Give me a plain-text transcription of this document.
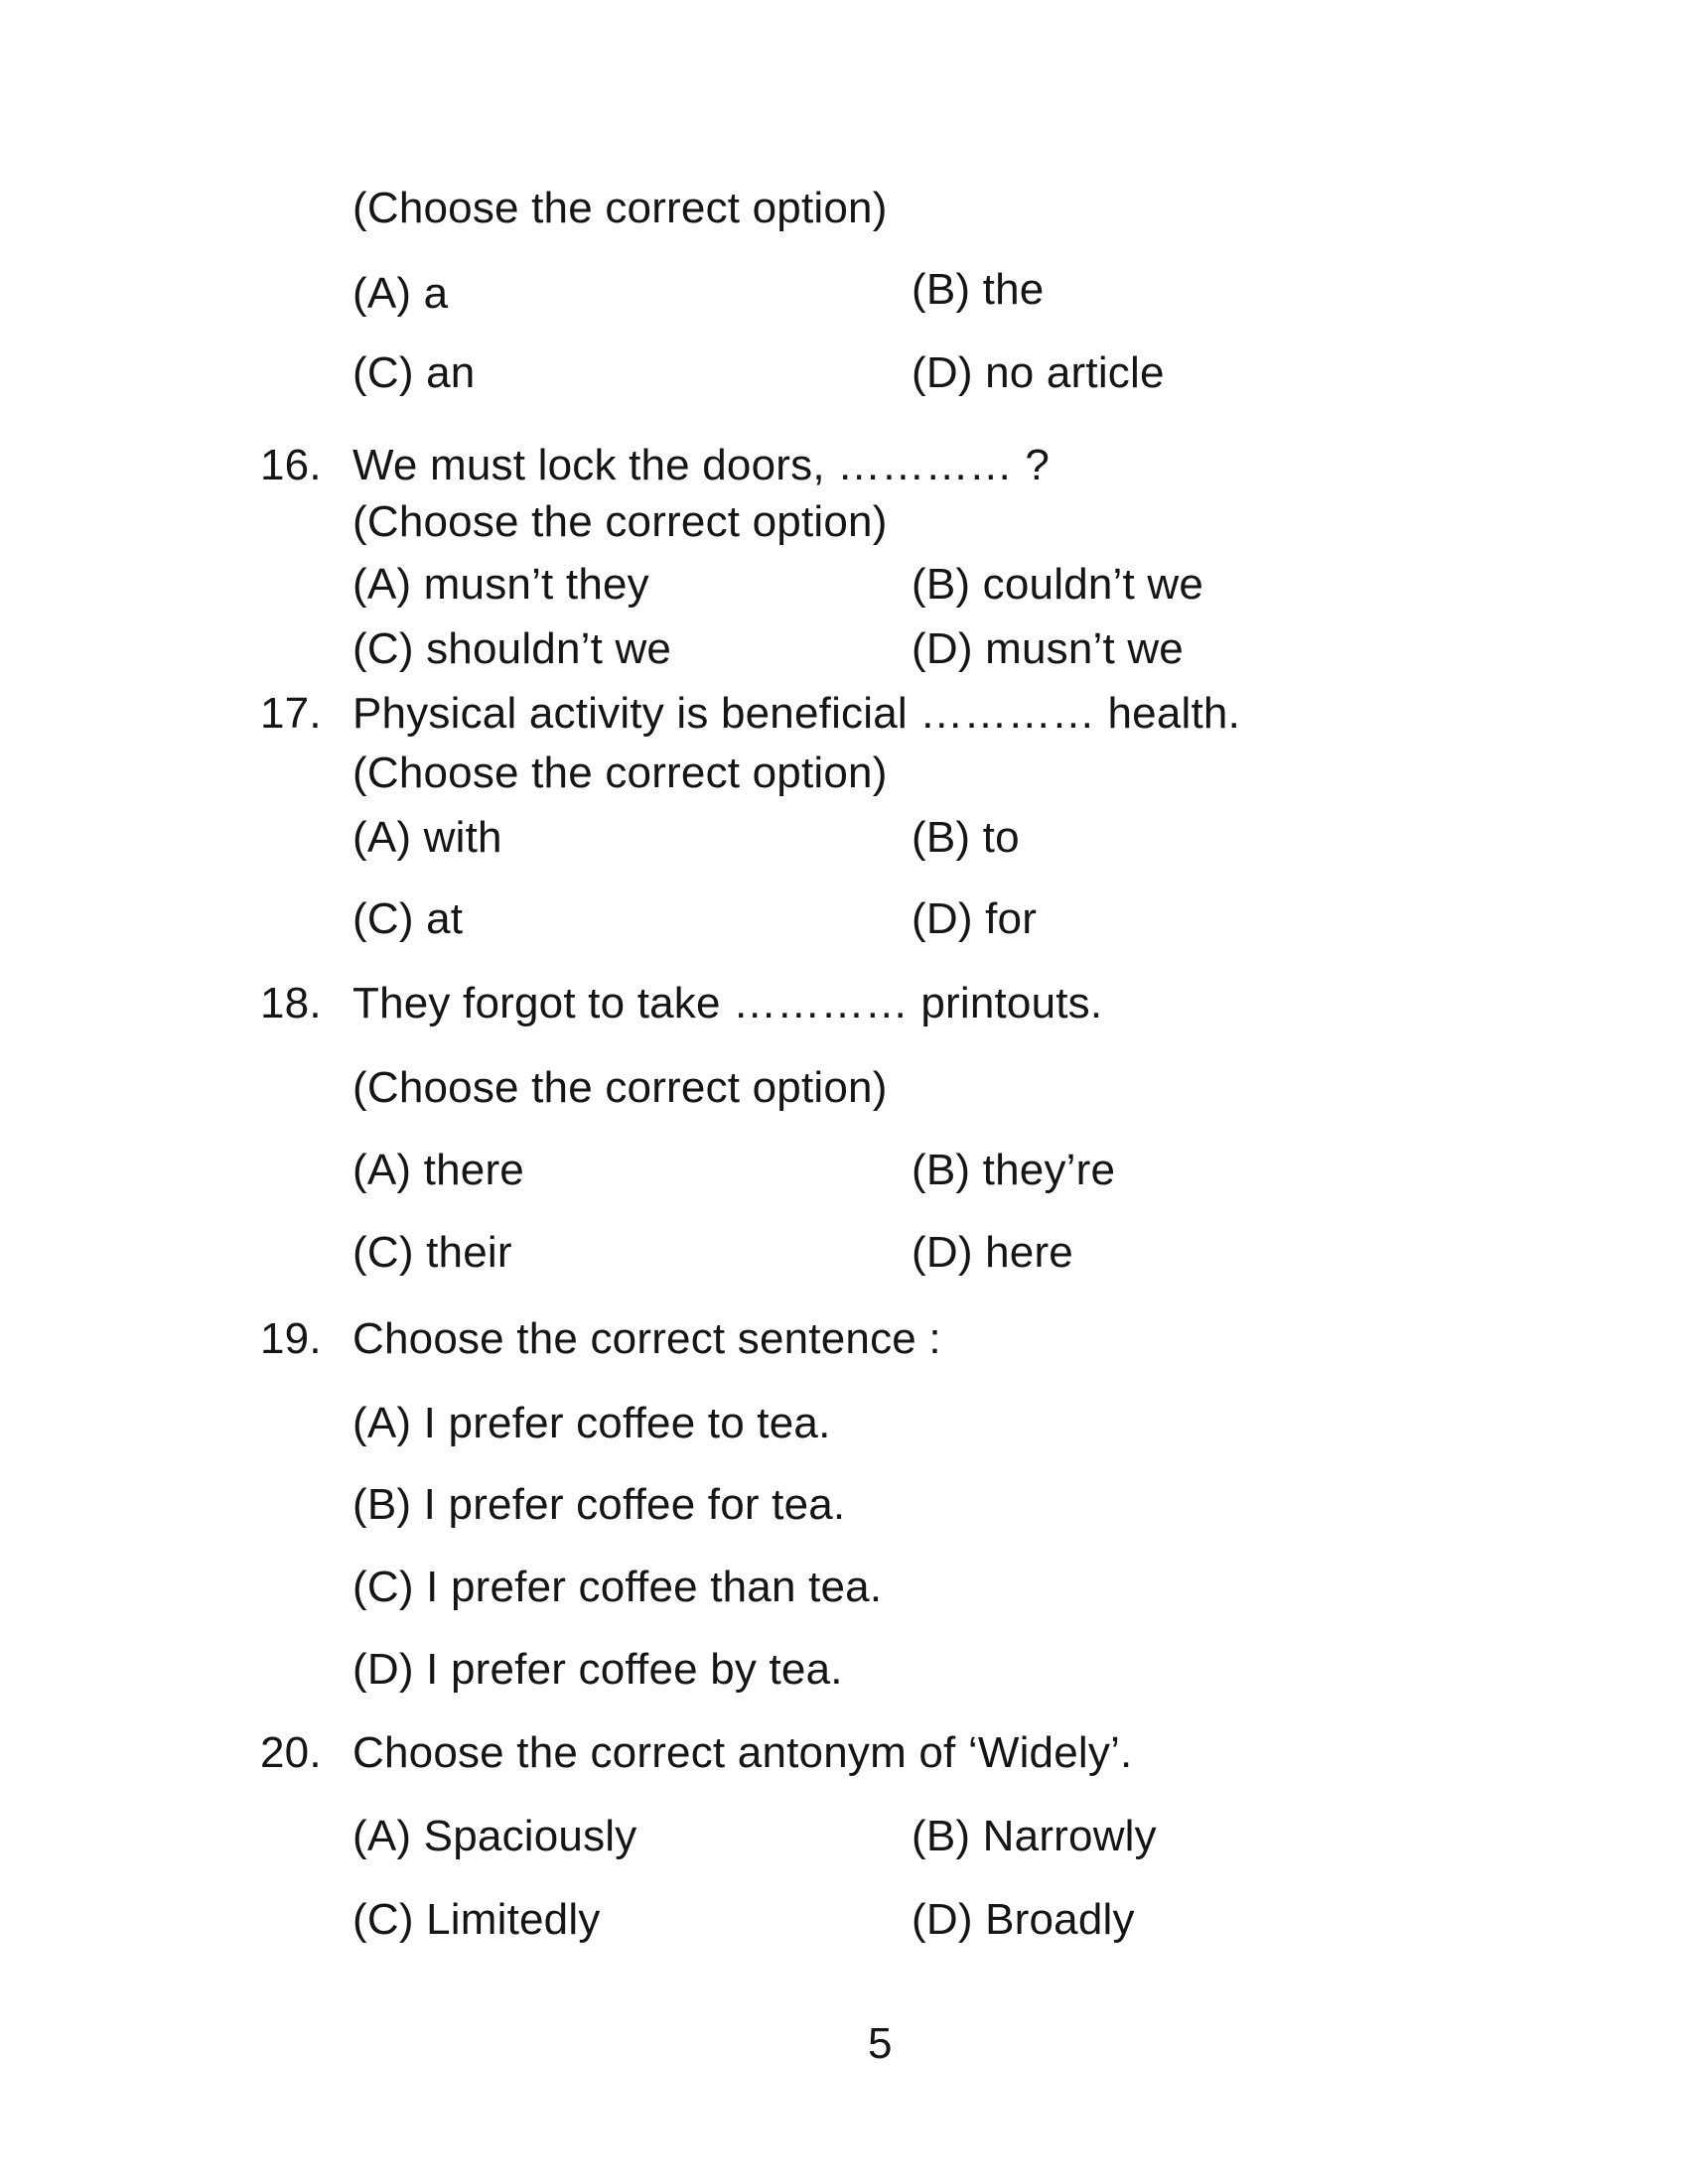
(Choose the correct option)
(A) a	(B) the
(C) an	(D) no article
16. We must lock the doors, ………… ?
(Choose the correct option)
(A) musn’t they	(B) couldn’t we
(C) shouldn’t we	(D) musn’t we
17. Physical activity is beneficial ………… health.
(Choose the correct option)
(A) with	(B) to
(C) at	(D) for
18. They forgot to take ………… printouts.
(Choose the correct option)
(A) there	(B) they’re
(C) their	(D) here
19. Choose the correct sentence :
(A) I prefer coffee to tea.
(B) I prefer coffee for tea.
(C) I prefer coffee than tea.
(D) I prefer coffee by tea.
20. Choose the correct antonym of ‘Widely’.
(A) Spaciously	(B) Narrowly
(C) Limitedly	(D) Broadly
5
